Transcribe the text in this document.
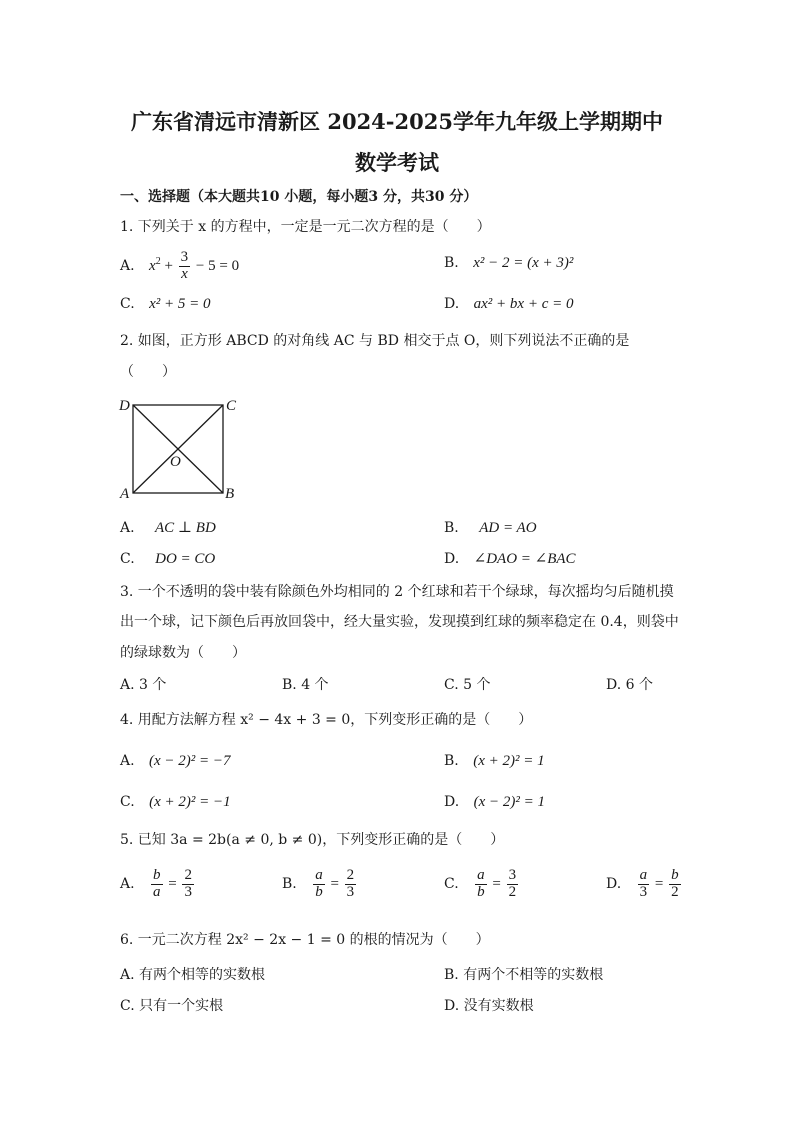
广东省清远市清新区 2024-2025学年九年级上学期期中
数学考试
一、选择题（本大题共10 小题，每小题3 分，共30 分）
1. 下列关于 x 的方程中，一定是一元二次方程的是（　　）
A. $x^2 + \frac{3}{x} - 5 = 0$	B. x² − 2 = (x + 3)²
C. x² + 5 = 0	D. ax² + bx + c = 0
2. 如图，正方形 ABCD 的对角线 AC 与 BD 相交于点 O，则下列说法不正确的是
（　　）
D	C
O
A	B
A. AC ⊥ BD	B. AD = AO
C. DO = CO	D. ∠DAO = ∠BAC
3. 一个不透明的袋中装有除颜色外均相同的 2 个红球和若干个绿球，每次摇均匀后随机摸
出一个球，记下颜色后再放回袋中，经大量实验，发现摸到红球的频率稳定在 0.4，则袋中
的绿球数为（　　）
A. 3 个	B. 4 个	C. 5 个	D. 6 个
4. 用配方法解方程 x² − 4x + 3 = 0，下列变形正确的是（　　）
A. (x − 2)² = −7	B. (x + 2)² = 1
C. (x + 2)² = −1	D. (x − 2)² = 1
5. 已知 3a = 2b(a ≠ 0, b ≠ 0)，下列变形正确的是（　　）
A. $\frac{b}{a} = \frac{2}{3}$	B. $\frac{a}{b} = \frac{2}{3}$	C. $\frac{a}{b} = \frac{3}{2}$	D. $\frac{a}{3} = \frac{b}{2}$
6. 一元二次方程 2x² − 2x − 1 = 0 的根的情况为（　　）
A. 有两个相等的实数根	B. 有两个不相等的实数根
C. 只有一个实根	D. 没有实数根
